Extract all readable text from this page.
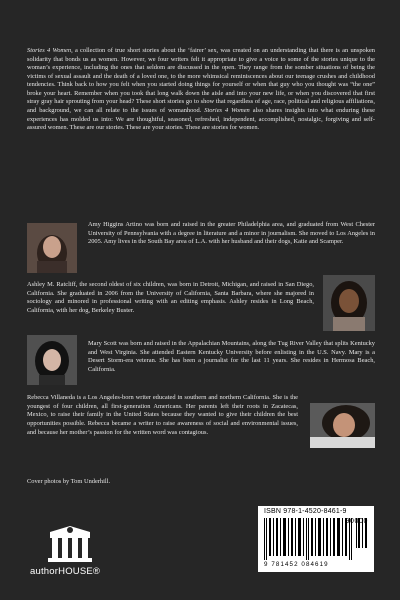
Stories 4 Women, a collection of true short stories about the ‘fairer’ sex, was created on an understanding that there is an unspoken solidarity that bonds us as women. However, we four writers felt it appropriate to give a voice to some of the stories unique to the woman’s experience, including the ones that seldom are discussed in the open. They range from the somber situations of being the victims of sexual assault and the death of a loved one, to the more whimsical reminiscences about our teenage crushes and childhood tendencies. Think back to how you felt when you started doing things for yourself or when that guy who you thought was “the one” broke your heart. Remember when you took that long walk down the aisle and into your new life, or when you discovered that first stray gray hair sprouting from your head? These short stories go to show that regardless of age, race, political and religious affiliations, and background, we can all relate to the issues of womanhood. Stories 4 Women also shares insights into what enduring these experiences has molded us into: We are thoughtful, seasoned, refreshed, independent, accomplished, nostalgic, forgiving and self-assured women. These are our stories. These are your stories. These are stories for women.

Amy Higgins Artino was born and raised in the greater Philadelphia area, and graduated from West Chester University of Pennsylvania with a degree in literature and a minor in journalism. She moved to Los Angeles in 2005. Amy lives in the South Bay area of L.A. with her husband and their dogs, Katie and Scamper.

Ashley M. Ratcliff, the second oldest of six children, was born in Detroit, Michigan, and raised in San Diego, California. She graduated in 2006 from the University of California, Santa Barbara, where she majored in sociology and minored in professional writing with an editing emphasis. Ashley resides in Long Beach, California, with her dog, Berkeley Buster.

Mary Scott was born and raised in the Appalachian Mountains, along the Tug River Valley that splits Kentucky and West Virginia. She attended Eastern Kentucky University before enlisting in the U.S. Navy. Mary is a Desert Storm-era veteran. She has been a journalist for the last 11 years. She resides in Hermosa Beach, California.

Rebecca Villaneda is a Los Angeles-born writer educated in southern and northern California. She is the youngest of four children, all first-generation Americans. Her parents left their roots in Zacatecas, Mexico, to raise their family in the United States because they wanted to give their children the best opportunities possible. Rebecca became a writer to raise awareness of social and environmental issues, and because her mother’s passion for the written word was contagious.

Cover photos by Tom Underhill.

authorHOUSE®
ISBN 978-1-4520-8461-9
9 781452 084619
